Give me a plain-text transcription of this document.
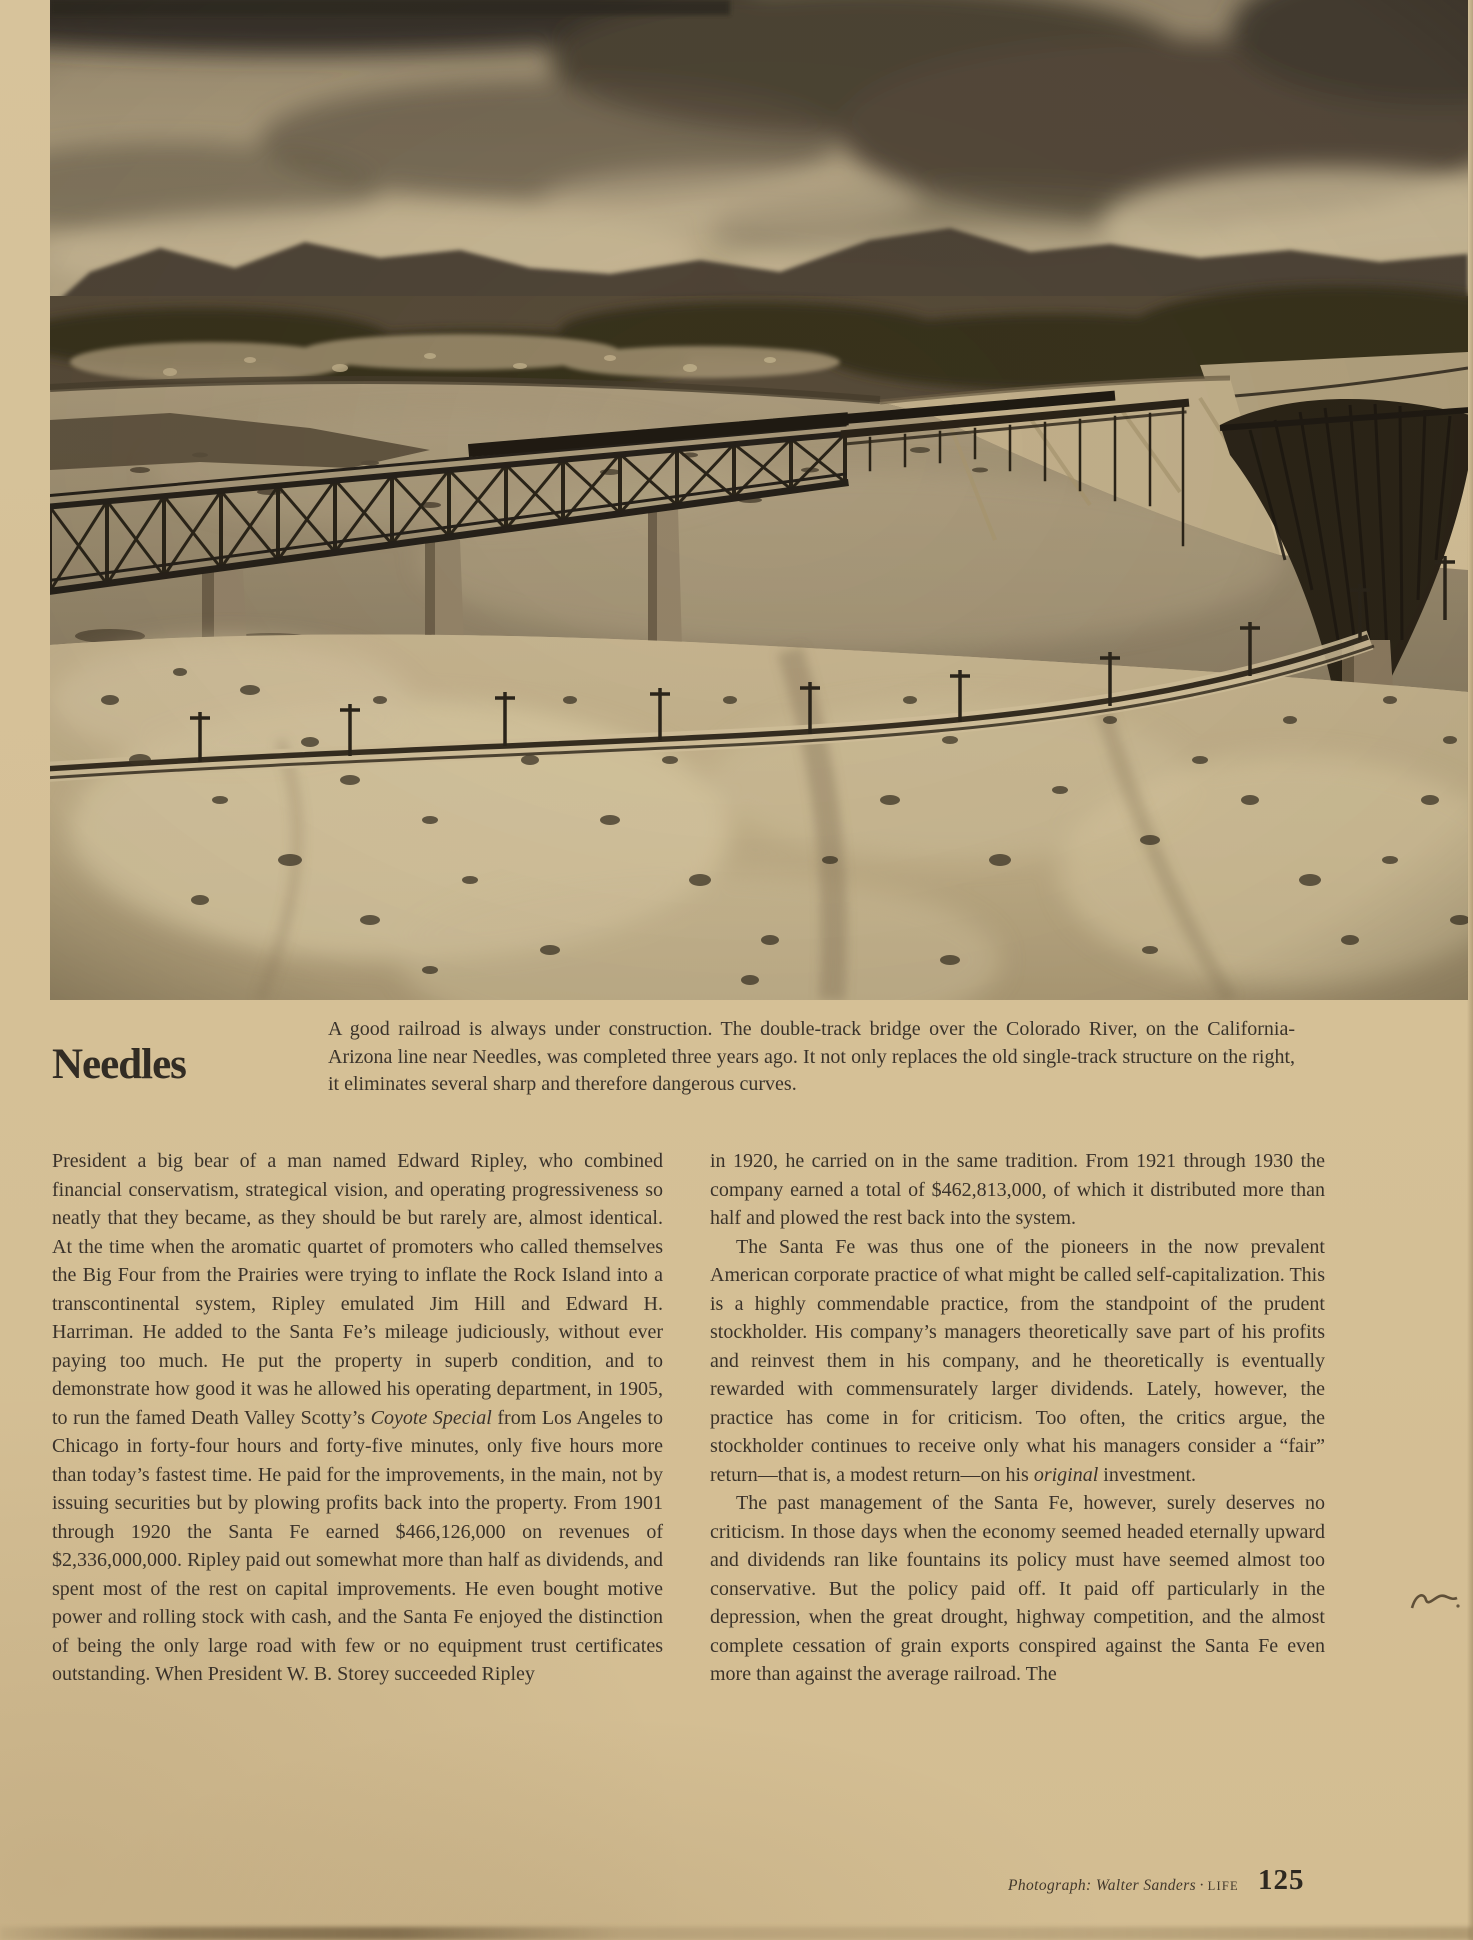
Needles
A good railroad is always under construction. The double-track bridge over the Colorado River, on the California-Arizona line near Needles, was completed three years ago. It not only replaces the old single-track structure on the right, it eliminates several sharp and therefore dangerous curves.

President a big bear of a man named Edward Ripley, who combined financial conservatism, strategical vision, and operating progressiveness so neatly that they became, as they should be but rarely are, almost identical. At the time when the aromatic quartet of promoters who called themselves the Big Four from the Prairies were trying to inflate the Rock Island into a transcontinental system, Ripley emulated Jim Hill and Edward H. Harriman. He added to the Santa Fe’s mileage judiciously, without ever paying too much. He put the property in superb condition, and to demonstrate how good it was he allowed his operating department, in 1905, to run the famed Death Valley Scotty’s Coyote Special from Los Angeles to Chicago in forty-four hours and forty-five minutes, only five hours more than today’s fastest time. He paid for the improvements, in the main, not by issuing securities but by plowing profits back into the property. From 1901 through 1920 the Santa Fe earned $466,126,000 on revenues of $2,336,000,000. Ripley paid out somewhat more than half as dividends, and spent most of the rest on capital improvements. He even bought motive power and rolling stock with cash, and the Santa Fe enjoyed the distinction of being the only large road with few or no equipment trust certificates outstanding. When President W. B. Storey succeeded Ripley

in 1920, he carried on in the same tradition. From 1921 through 1930 the company earned a total of $462,813,000, of which it distributed more than half and plowed the rest back into the system.

The Santa Fe was thus one of the pioneers in the now prevalent American corporate practice of what might be called self-capitalization. This is a highly commendable practice, from the standpoint of the prudent stockholder. His company’s managers theoretically save part of his profits and reinvest them in his company, and he theoretically is eventually rewarded with commensurately larger dividends. Lately, however, the practice has come in for criticism. Too often, the critics argue, the stockholder continues to receive only what his managers consider a “fair” return—that is, a modest return—on his original investment.

The past management of the Santa Fe, however, surely deserves no criticism. In those days when the economy seemed headed eternally upward and dividends ran like fountains its policy must have seemed almost too conservative. But the policy paid off. It paid off particularly in the depression, when the great drought, highway competition, and the almost complete cessation of grain exports conspired against the Santa Fe even more than against the average railroad. The

Photograph: Walter Sanders · LIFE 125
